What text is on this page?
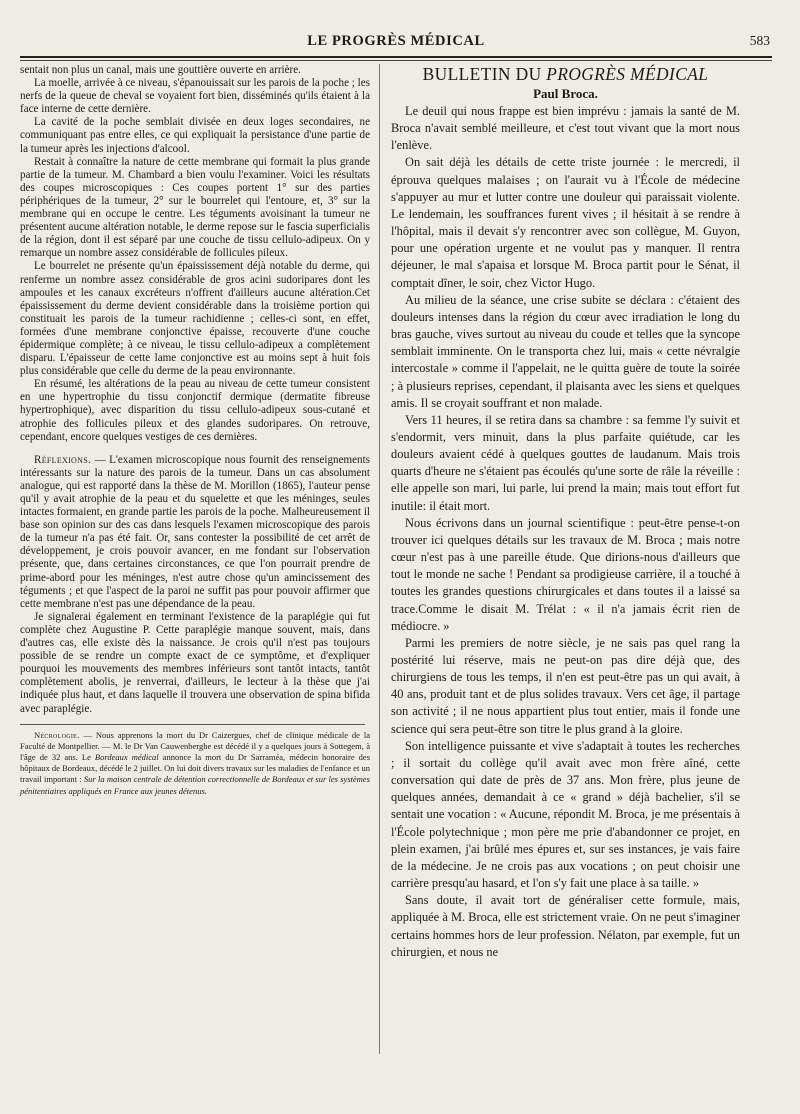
LE PROGRÈS MÉDICAL	583

sentait non plus un canal, mais une gouttière ouverte en arrière.

La moelle, arrivée à ce niveau, s'épanouissait sur les parois de la poche ; les nerfs de la queue de cheval se voyaient fort bien, disséminés qu'ils étaient à la face interne de cette dernière.

La cavité de la poche semblait divisée en deux loges secondaires, ne communiquant pas entre elles, ce qui expliquait la persistance d'une partie de la tumeur après les injections d'alcool.

Restait à connaître la nature de cette membrane qui formait la plus grande partie de la tumeur. M. Chambard a bien voulu l'examiner. Voici les résultats des coupes microscopiques : Ces coupes portent 1° sur des parties périphériques de la tumeur, 2° sur le bourrelet qui l'entoure, et, 3° sur la membrane qui en occupe le centre. Les téguments avoisinant la tumeur ne présentent aucune altération notable, le derme repose sur le fascia superficialis de la région, dont il est séparé par une couche de tissu cellulo-adipeux. On y remarque un nombre assez considérable de follicules pileux.

Le bourrelet ne présente qu'un épaississement déjà notable du derme, qui renferme un nombre assez considérable de gros acini sudoripares dont les ampoules et les canaux excréteurs n'offrent d'ailleurs aucune altération.Cet épaississement du derme devient considérable dans la troisième portion qui constituait les parois de la tumeur rachidienne ; celles-ci sont, en effet, formées d'une membrane conjonctive épaisse, recouverte d'une couche épidermique complète; à ce niveau, le tissu cellulo-adipeux a complètement disparu. L'épaisseur de cette lame conjonctive est au moins sept à huit fois plus considérable que celle du derme de la peau environnante.

En résumé, les altérations de la peau au niveau de cette tumeur consistent en une hypertrophie du tissu conjonctif dermique (dermatite fibreuse hypertrophique), avec disparition du tissu cellulo-adipeux sous-cutané et atrophie des follicules pileux et des glandes sudoripares. On retrouve, cependant, encore quelques vestiges de ces dernières.

Réflexions. — L'examen microscopique nous fournit des renseignements intéressants sur la nature des parois de la tumeur. Dans un cas absolument analogue, qui est rapporté dans la thèse de M. Morillon (1865), l'auteur pense qu'il y avait atrophie de la peau et du squelette et que les méninges, seules intactes formaient, en grande partie les parois de la poche. Malheureusement il base son opinion sur des cas dans lesquels l'examen microscopique des parois de la tumeur n'a pas été fait. Or, sans contester la possibilité de cet arrêt de développement, je crois pouvoir avancer, en me fondant sur l'observation présente, que, dans certaines circonstances, ce que l'on pourrait prendre de prime-abord pour les méninges, n'est autre chose qu'un amincissement des téguments ; et que l'aspect de la paroi ne suffit pas pour pouvoir affirmer que cette membrane n'est pas une dépendance de la peau.

Je signalerai également en terminant l'existence de la paraplégie qui fut complète chez Augustine P. Cette paraplégie manque souvent, mais, dans d'autres cas, elle existe dès la naissance. Je crois qu'il n'est pas toujours possible de se rendre un compte exact de ce symptôme, et d'expliquer pourquoi les mouvements des membres inférieurs sont tantôt intacts, tantôt complètement abolis, je renverrai, d'ailleurs, le lecteur à la thèse que j'ai indiquée plus haut, et dans laquelle il trouvera une observation de spina bifida avec paraplégie.

Nécrologie. — Nous apprenons la mort du Dr Caizergues, chef de clinique médicale de la Faculté de Montpellier. — M. le Dr Van Cauwenberghe est décédé il y a quelques jours à Sottegem, à l'âge de 32 ans. Le Bordeaux médical annonce la mort du Dr Sarraméa, médecin honoraire des hôpitaux de Bordeaux, décédé le 2 juillet. On lui doit divers travaux sur les maladies de l'enfance et un travail important : Sur la maison centrale de détention correctionnelle de Bordeaux et sur les systèmes pénitentiaires appliqués en France aux jeunes détenus.

BULLETIN DU PROGRÈS MÉDICAL
Paul Broca.

Le deuil qui nous frappe est bien imprévu : jamais la santé de M. Broca n'avait semblé meilleure, et c'est tout vivant que la mort nous l'enlève.

On sait déjà les détails de cette triste journée : le mercredi, il éprouva quelques malaises ; on l'aurait vu à l'École de médecine s'appuyer au mur et lutter contre une douleur qui paraissait violente. Le lendemain, les souffrances furent vives ; il hésitait à se rendre à l'hôpital, mais il devait s'y rencontrer avec son collègue, M. Guyon, pour une opération urgente et ne voulut pas y manquer. Il rentra déjeuner, le mal s'apaisa et lorsque M. Broca partit pour le Sénat, il comptait dîner, le soir, chez Victor Hugo.

Au milieu de la séance, une crise subite se déclara : c'étaient des douleurs intenses dans la région du cœur avec irradiation le long du bras gauche, vives surtout au niveau du coude et telles que la syncope semblait imminente. On le transporta chez lui, mais « cette névralgie intercostale » comme il l'appelait, ne le quitta guère de toute la soirée ; à plusieurs reprises, cependant, il plaisanta avec les siens et quelques amis. Il se croyait souffrant et non malade.

Vers 11 heures, il se retira dans sa chambre : sa femme l'y suivit et s'endormit, vers minuit, dans la plus parfaite quiétude, car les douleurs avaient cédé à quelques gouttes de laudanum. Mais trois quarts d'heure ne s'étaient pas écoulés qu'une sorte de râle la réveille : elle appelle son mari, lui parle, lui prend la main; mais tout effort fut inutile: il était mort.

Nous écrivons dans un journal scientifique : peut-être pense-t-on trouver ici quelques détails sur les travaux de M. Broca ; mais notre cœur n'est pas à une pareille étude. Que dirions-nous d'ailleurs que tout le monde ne sache ! Pendant sa prodigieuse carrière, il a touché à toutes les grandes questions chirurgicales et dans toutes il a laissé sa trace.Comme le disait M. Trélat : « il n'a jamais écrit rien de médiocre. »

Parmi les premiers de notre siècle, je ne sais pas quel rang la postérité lui réserve, mais ne peut-on pas dire déjà que, des chirurgiens de tous les temps, il n'en est peut-être pas un qui avait, à 40 ans, produit tant et de plus solides travaux. Vers cet âge, il partage son activité ; il ne nous appartient plus tout entier, mais il fonde une science qui sera peut-être son titre le plus grand à la gloire.

Son intelligence puissante et vive s'adaptait à toutes les recherches ; il sortait du collège qu'il avait avec mon frère aîné, cette conversation qui date de près de 37 ans. Mon frère, plus jeune de quelques années, demandait à ce « grand » déjà bachelier, s'il se sentait une vocation : « Aucune, répondit M. Broca, je me présentais à l'École polytechnique ; mon père me prie d'abandonner ce projet, en plein examen, j'ai brûlé mes épures et, sur ses instances, je vais faire de la médecine. Je ne crois pas aux vocations ; on peut choisir une carrière presqu'au hasard, et l'on s'y fait une place à sa taille. »

Sans doute, il avait tort de généraliser cette formule, mais, appliquée à M. Broca, elle est strictement vraie. On ne peut s'imaginer certains hommes hors de leur profession. Nélaton, par exemple, fut un chirurgien, et nous ne
